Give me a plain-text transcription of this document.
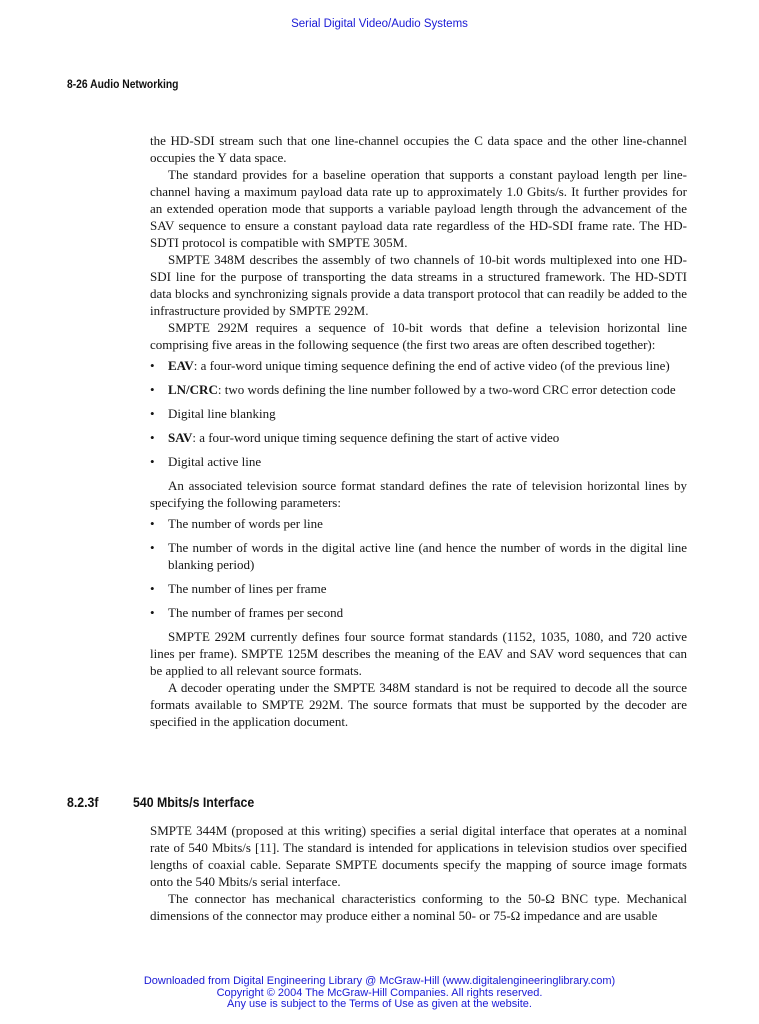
Serial Digital Video/Audio Systems
8-26 Audio Networking

the HD-SDI stream such that one line-channel occupies the C data space and the other line-channel occupies the Y data space.

The standard provides for a baseline operation that supports a constant payload length per line-channel having a maximum payload data rate up to approximately 1.0 Gbits/s. It further provides for an extended operation mode that supports a variable payload length through the advancement of the SAV sequence to ensure a constant payload data rate regardless of the HD-SDI frame rate. The HD-SDTI protocol is compatible with SMPTE 305M.

SMPTE 348M describes the assembly of two channels of 10-bit words multiplexed into one HD-SDI line for the purpose of transporting the data streams in a structured framework. The HD-SDTI data blocks and synchronizing signals provide a data transport protocol that can readily be added to the infrastructure provided by SMPTE 292M.

SMPTE 292M requires a sequence of 10-bit words that define a television horizontal line comprising five areas in the following sequence (the first two areas are often described together):

• EAV: a four-word unique timing sequence defining the end of active video (of the previous line)
• LN/CRC: two words defining the line number followed by a two-word CRC error detection code
• Digital line blanking
• SAV: a four-word unique timing sequence defining the start of active video
• Digital active line

An associated television source format standard defines the rate of television horizontal lines by specifying the following parameters:

• The number of words per line
• The number of words in the digital active line (and hence the number of words in the digital line blanking period)
• The number of lines per frame
• The number of frames per second

SMPTE 292M currently defines four source format standards (1152, 1035, 1080, and 720 active lines per frame). SMPTE 125M describes the meaning of the EAV and SAV word sequences that can be applied to all relevant source formats.

A decoder operating under the SMPTE 348M standard is not be required to decode all the source formats available to SMPTE 292M. The source formats that must be supported by the decoder are specified in the application document.

8.2.3f 540 Mbits/s Interface

SMPTE 344M (proposed at this writing) specifies a serial digital interface that operates at a nominal rate of 540 Mbits/s [11]. The standard is intended for applications in television studios over specified lengths of coaxial cable. Separate SMPTE documents specify the mapping of source image formats onto the 540 Mbits/s serial interface.

The connector has mechanical characteristics conforming to the 50-Ω BNC type. Mechanical dimensions of the connector may produce either a nominal 50- or 75-Ω impedance and are usable

Downloaded from Digital Engineering Library @ McGraw-Hill (www.digitalengineeringlibrary.com)
Copyright © 2004 The McGraw-Hill Companies. All rights reserved.
Any use is subject to the Terms of Use as given at the website.
